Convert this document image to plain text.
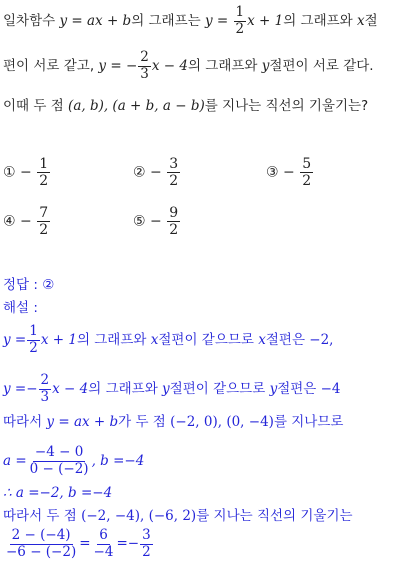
일차함수 y = ax + b의 그래프는 $y = \frac{1}{2}$ x + 1의 그래프와 x절
편이 서로 같고, y = − $\frac{2}{3}$ x − 4의 그래프와 y절편이 서로 같다.
이때 두 점 (a, b), (a + b, a − b)를 지나는 직선의 기울기는?
① − $\frac{1}{2}$	② − $\frac{3}{2}$	③ − $\frac{5}{2}$
④ − $\frac{7}{2}$	⑤ − $\frac{9}{2}$
정답 : ②
해설 :
$y = \frac{1}{2}$ x + 1의 그래프와 x절편이 같으므로 x절편은 −2,
$y =- \frac{2}{3}$ x − 4의 그래프와 y절편이 같으므로 y절편은 −4
따라서 y = ax + b가 두 점 (−2, 0), (0, −4)를 지나므로
$a = \frac{-4 - 0}{0 - (-2)}$ , b =−4
∴ a =−2, b =−4
따라서 두 점 (−2, −4), (−6, 2)를 지나는 직선의 기울기는
$\frac{2 - (-4)}{-6 - (-2)} = \frac{6}{-4} =- \frac{3}{2}$
